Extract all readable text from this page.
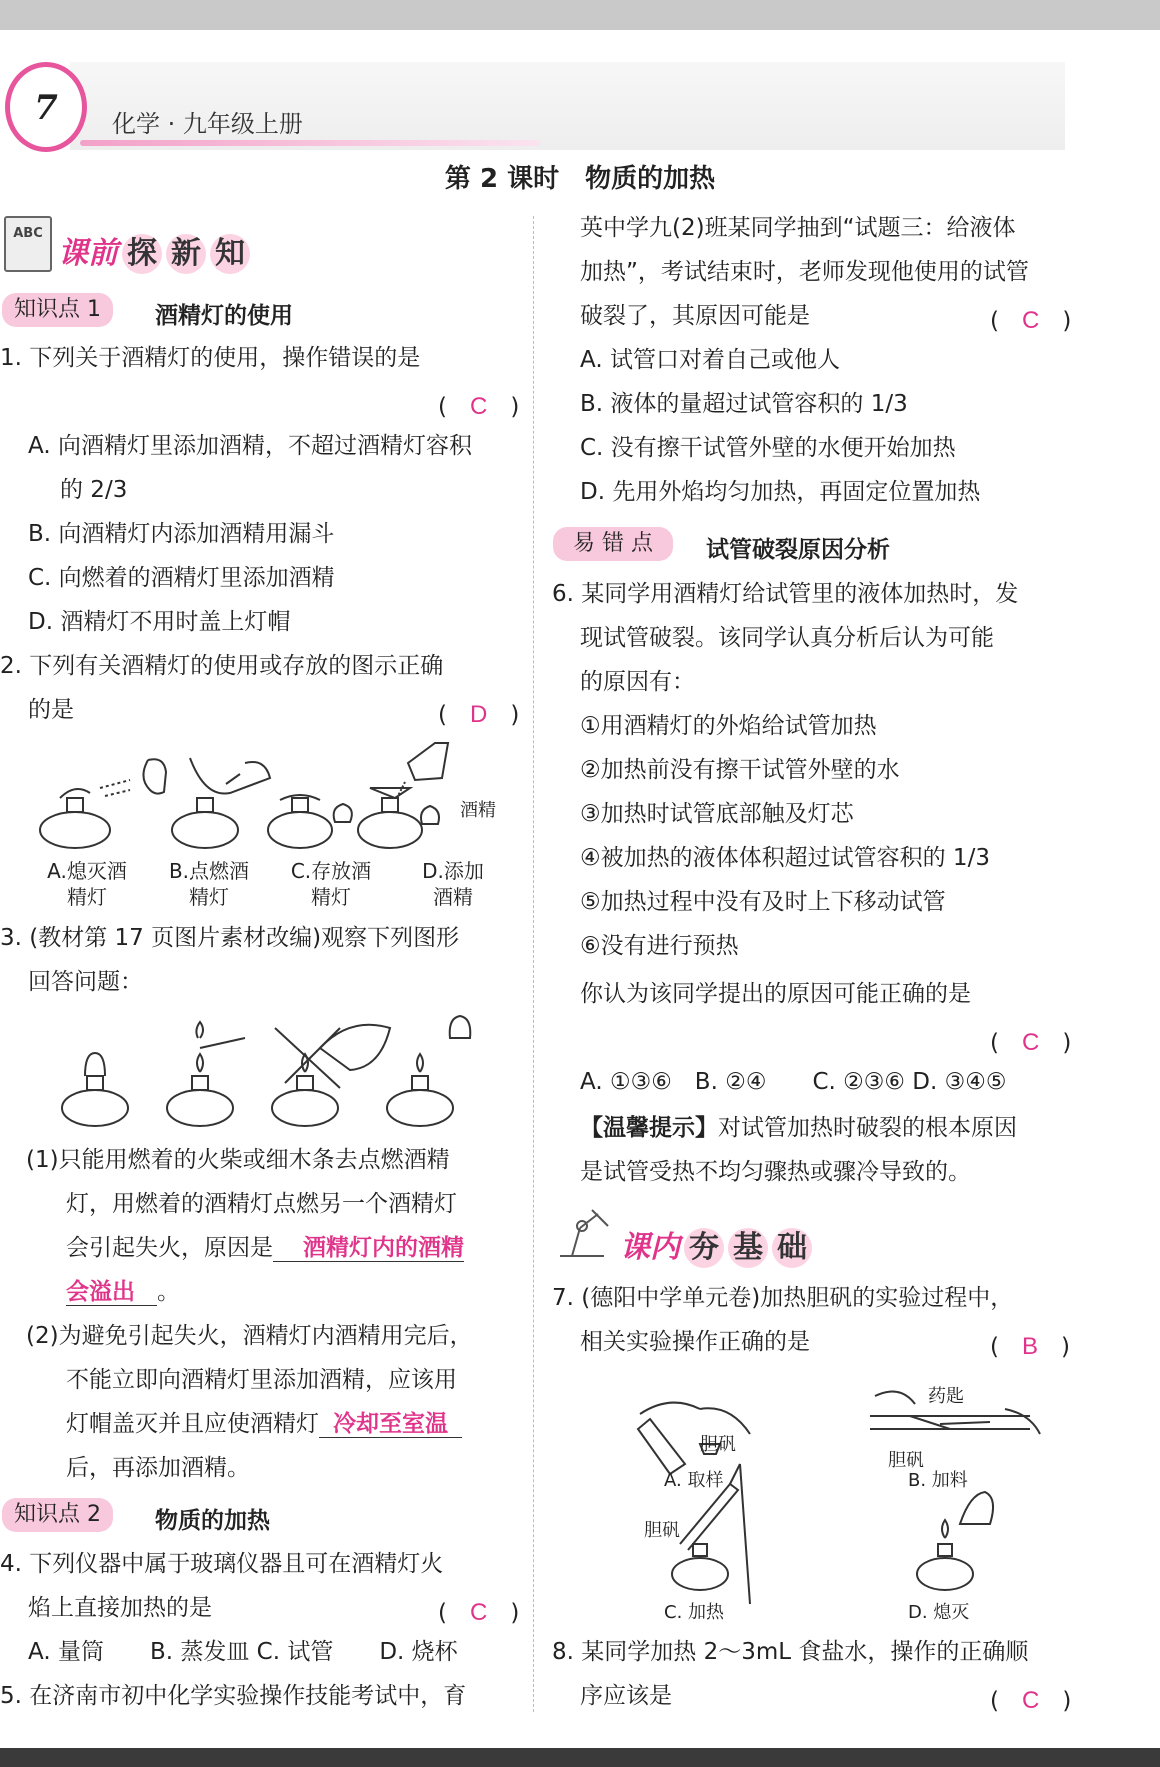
7	化学 · 九年级上册
第 2 课时　物质的加热
ABC
课前 探 新 知
知识点 1	酒精灯的使用
1. 下列关于酒精灯的使用，操作错误的是
(　C　)
A. 向酒精灯里添加酒精，不超过酒精灯容积
的 2/3
B. 向酒精灯内添加酒精用漏斗
C. 向燃着的酒精灯里添加酒精
D. 酒精灯不用时盖上灯帽
2. 下列有关酒精灯的使用或存放的图示正确
的是	(　D　)
酒精
A.熄灭酒
精灯
B.点燃酒
精灯
C.存放酒
精灯
D.添加
酒精
3. (教材第 17 页图片素材改编)观察下列图形
回答问题：
(1)只能用燃着的火柴或细木条去点燃酒精
灯，用燃着的酒精灯点燃另一个酒精灯
会引起失火，原因是 酒精灯内的酒精
会溢出 。
(2)为避免引起失火，酒精灯内酒精用完后，
不能立即向酒精灯里添加酒精，应该用
灯帽盖灭并且应使酒精灯 冷却至室温
后，再添加酒精。
知识点 2	物质的加热
4. 下列仪器中属于玻璃仪器且可在酒精灯火
焰上直接加热的是	(　C　)
A. 量筒　　B. 蒸发皿 C. 试管　　D. 烧杯
5. 在济南市初中化学实验操作技能考试中，育
英中学九(2)班某同学抽到“试题三：给液体
加热”，考试结束时，老师发现他使用的试管
破裂了，其原因可能是	(　C　)
A. 试管口对着自己或他人
B. 液体的量超过试管容积的 1/3
C. 没有擦干试管外壁的水便开始加热
D. 先用外焰均匀加热，再固定位置加热
易 错 点	试管破裂原因分析
6. 某同学用酒精灯给试管里的液体加热时，发
现试管破裂。该同学认真分析后认为可能
的原因有：
①用酒精灯的外焰给试管加热
②加热前没有擦干试管外壁的水
③加热时试管底部触及灯芯
④被加热的液体体积超过试管容积的 1/3
⑤加热过程中没有及时上下移动试管
⑥没有进行预热
你认为该同学提出的原因可能正确的是
(　C　)
A. ①③⑥　B. ②④　　C. ②③⑥ D. ③④⑤
【温馨提示】对试管加热时破裂的根本原因
是试管受热不均匀骤热或骤冷导致的。
课内 夯 基 础
7. (德阳中学单元卷)加热胆矾的实验过程中，
相关实验操作正确的是	(　B　)
胆矾
药匙
胆矾
胆矾
A. 取样	B. 加料
C. 加热	D. 熄灭
8. 某同学加热 2～3mL 食盐水，操作的正确顺
序应该是	(　C　)
